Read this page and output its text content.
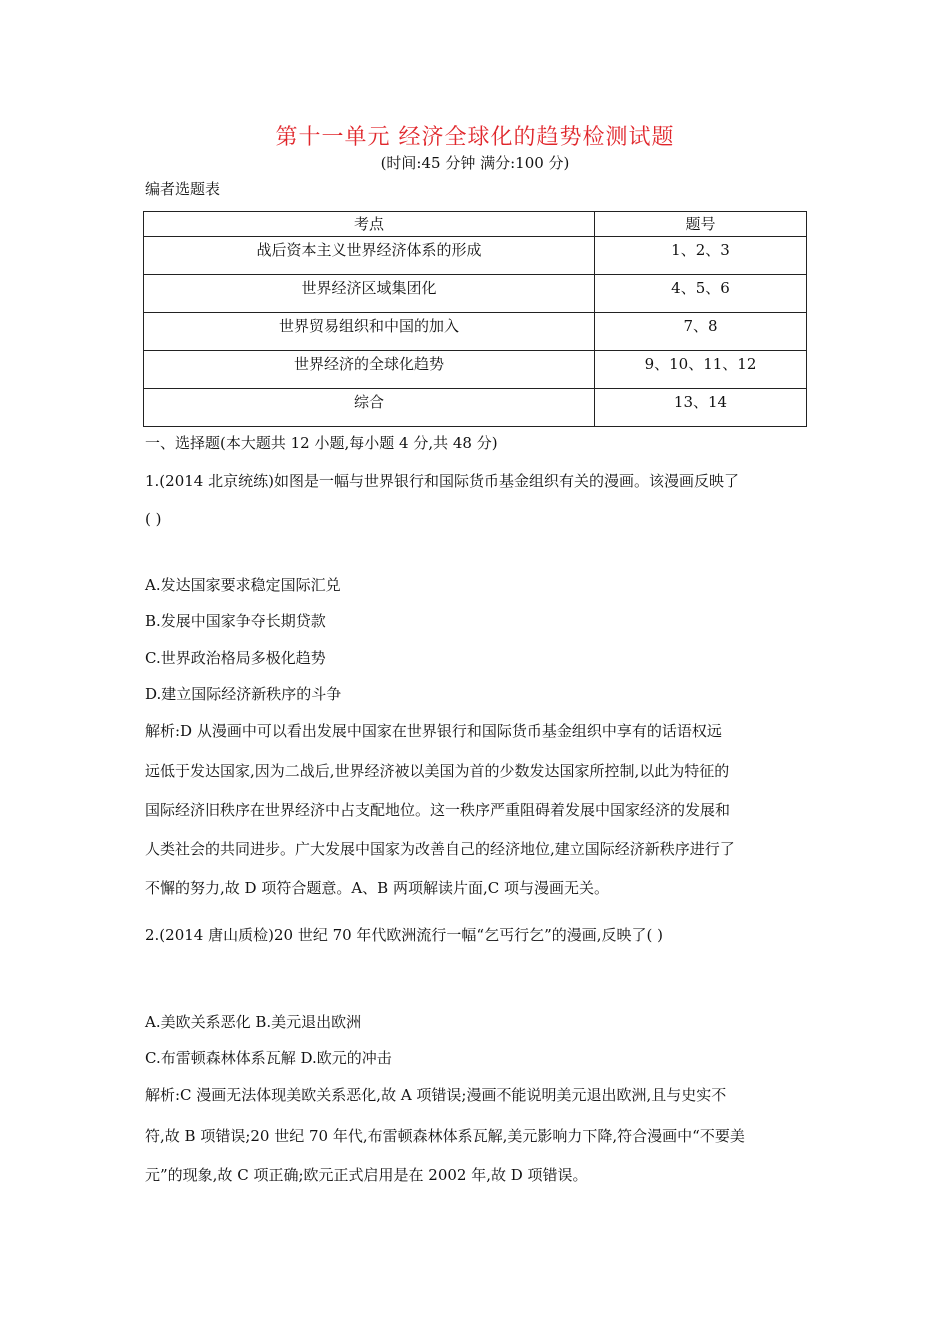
第十一单元 经济全球化的趋势检测试题
(时间:45 分钟 满分:100 分)
编者选题表
考点	题号
战后资本主义世界经济体系的形成	1、2、3
世界经济区域集团化	4、5、6
世界贸易组织和中国的加入	7、8
世界经济的全球化趋势	9、10、11、12
综合	13、14
一、选择题(本大题共 12 小题,每小题 4 分,共 48 分)
1.(2014 北京统练)如图是一幅与世界银行和国际货币基金组织有关的漫画。该漫画反映了
( )
A.发达国家要求稳定国际汇兑
B.发展中国家争夺长期贷款
C.世界政治格局多极化趋势
D.建立国际经济新秩序的斗争
解析:D 从漫画中可以看出发展中国家在世界银行和国际货币基金组织中享有的话语权远
远低于发达国家,因为二战后,世界经济被以美国为首的少数发达国家所控制,以此为特征的
国际经济旧秩序在世界经济中占支配地位。这一秩序严重阻碍着发展中国家经济的发展和
人类社会的共同进步。广大发展中国家为改善自己的经济地位,建立国际经济新秩序进行了
不懈的努力,故 D 项符合题意。A、B 两项解读片面,C 项与漫画无关。
2.(2014 唐山质检)20 世纪 70 年代欧洲流行一幅“乞丐行乞”的漫画,反映了( )
A.美欧关系恶化 B.美元退出欧洲
C.布雷顿森林体系瓦解 D.欧元的冲击
解析:C 漫画无法体现美欧关系恶化,故 A 项错误;漫画不能说明美元退出欧洲,且与史实不
符,故 B 项错误;20 世纪 70 年代,布雷顿森林体系瓦解,美元影响力下降,符合漫画中“不要美
元”的现象,故 C 项正确;欧元正式启用是在 2002 年,故 D 项错误。
